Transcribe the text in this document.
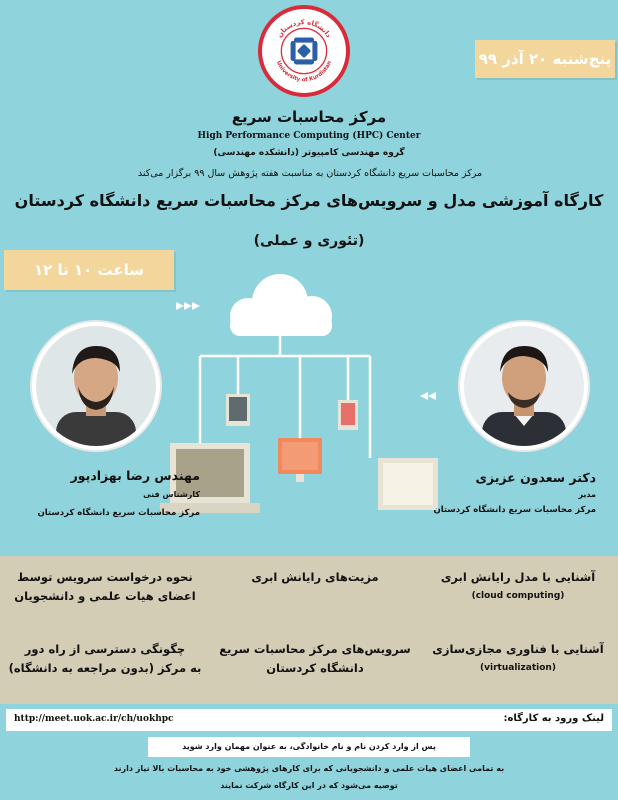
دانشگاه کردستان
University of Kurdistan	پنج‌شنبه ۲۰ آذر ۹۹
مرکز محاسبات سریع
High Performance Computing (HPC) Center
گروه مهندسی کامپیوتر (دانشکده مهندسی)
مرکز محاسبات سریع دانشگاه کردستان به مناسبت هفته پژوهش سال ۹۹ برگزار می‌کند
کارگاه آموزشی مدل و سرویس‌های مرکز محاسبات سریع دانشگاه کردستان
(تئوری و عملی)
ساعت ۱۰ تا ۱۲
مهندس رضا بهزادپور
کارشناس فنی
مرکز محاسبات سریع دانشگاه کردستان
دکتر سعدون عزیزی
مدیر
مرکز محاسبات سریع دانشگاه کردستان
آشنایی با مدل رایانش ابری
(cloud computing)
آشنایی با فناوری مجازی‌سازی
(virtualization)
مزیت‌های رایانش ابری
سرویس‌های مرکز محاسبات سریع
دانشگاه کردستان
نحوه درخواست سرویس توسط
اعضای هیات علمی و دانشجویان
چگونگی دسترسی از راه دور
به مرکز (بدون مراجعه به دانشگاه)
لینک ورود به کارگاه:
http://meet.uok.ac.ir/ch/uokhpc
پس از وارد کردن نام و نام خانوادگی، به عنوان مهمان وارد شوید
به تمامی اعضای هیات علمی و دانشجویانی که برای کارهای پژوهشی خود به محاسبات بالا نیاز دارند
توصیه می‌شود که در این کارگاه شرکت نمایند
